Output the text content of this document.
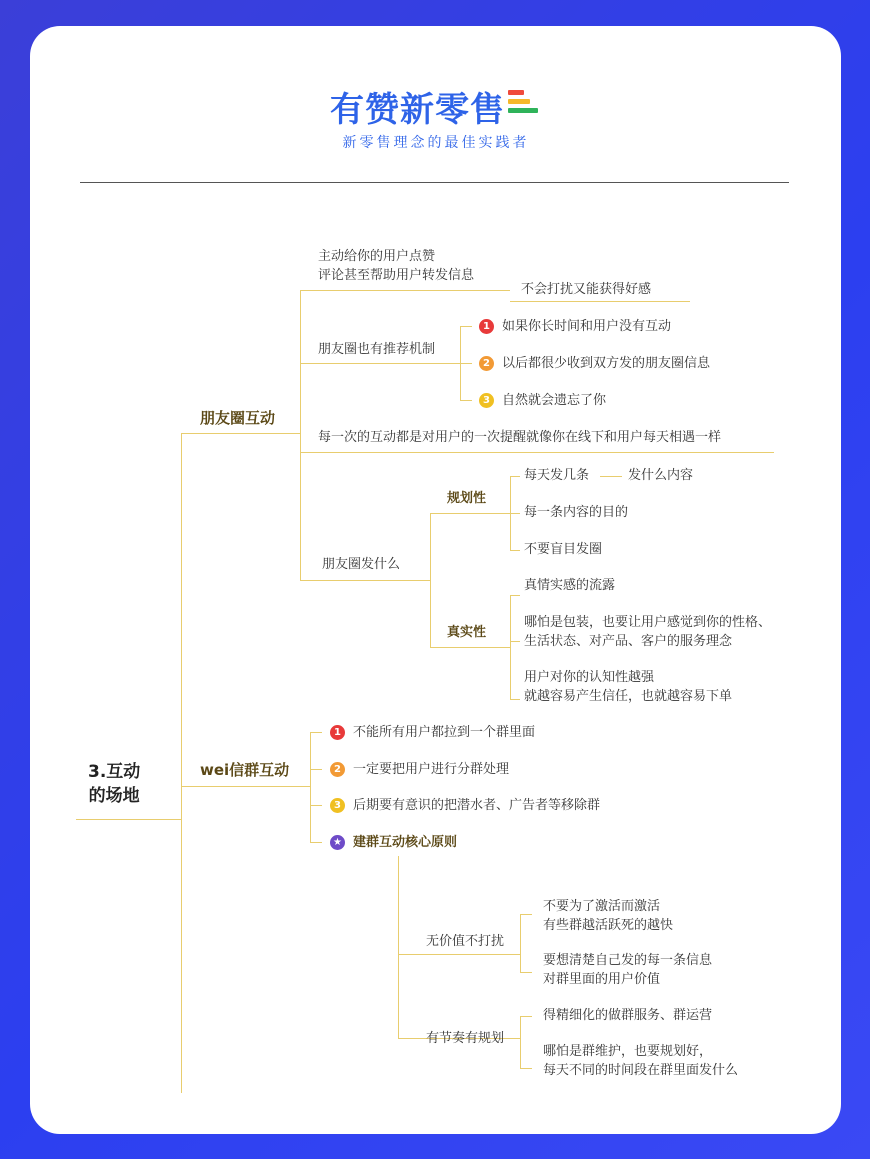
有赞新零售
新零售理念的最佳实践者
3.互动
的场地
朋友圈互动
主动给你的用户点赞
评论甚至帮助用户转发信息
不会打扰又能获得好感
朋友圈也有推荐机制
1 如果你长时间和用户没有互动
2 以后都很少收到双方发的朋友圈信息
3 自然就会遗忘了你
每一次的互动都是对用户的一次提醒就像你在线下和用户每天相遇一样
朋友圈发什么
规划性
每天发几条	发什么内容
每一条内容的目的
不要盲目发圈
真实性
真情实感的流露
哪怕是包装，也要让用户感觉到你的性格、
生活状态、对产品、客户的服务理念
用户对你的认知性越强
就越容易产生信任，也就越容易下单
wei信群互动
1 不能所有用户都拉到一个群里面
2 一定要把用户进行分群处理
3 后期要有意识的把潜水者、广告者等移除群
★ 建群互动核心原则
无价值不打扰
不要为了激活而激活
有些群越活跃死的越快
要想清楚自己发的每一条信息
对群里面的用户价值
有节奏有规划
得精细化的做群服务、群运营
哪怕是群维护，也要规划好，
每天不同的时间段在群里面发什么
